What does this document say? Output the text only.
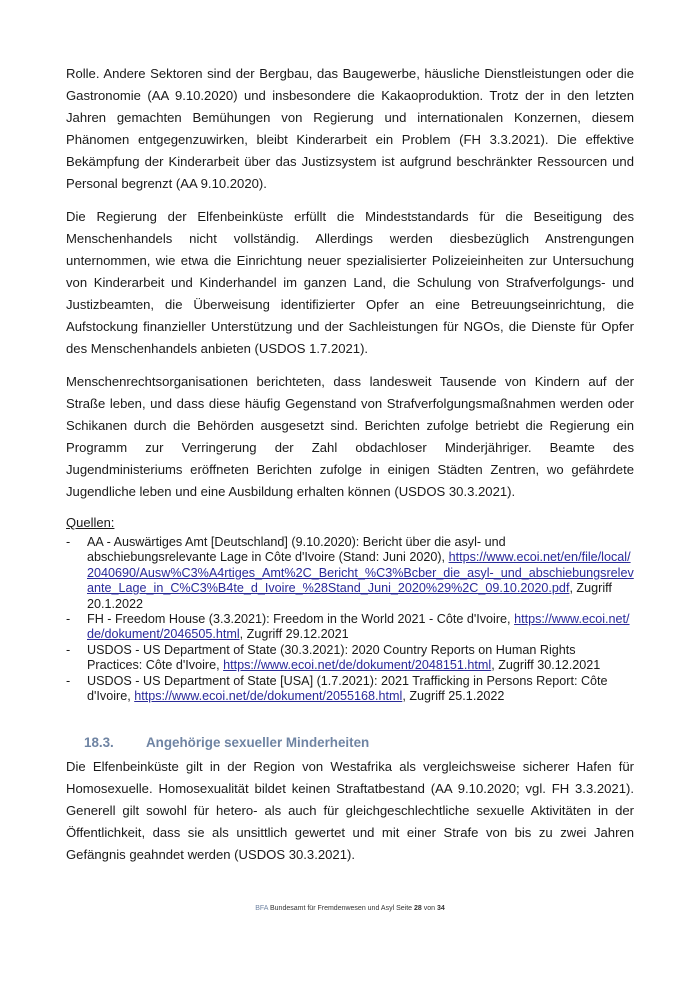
Rolle. Andere Sektoren sind der Bergbau, das Baugewerbe, häusliche Dienstleistungen oder die Gastronomie (AA 9.10.2020) und insbesondere die Kakaoproduktion. Trotz der in den letzten Jahren gemachten Bemühungen von Regierung und internationalen Konzernen, diesem Phänomen entgegenzuwirken, bleibt Kinderarbeit ein Problem (FH 3.3.2021). Die effektive Bekämpfung der Kinderarbeit über das Justizsystem ist aufgrund beschränkter Ressourcen und Personal begrenzt (AA 9.10.2020).

Die Regierung der Elfenbeinküste erfüllt die Mindeststandards für die Beseitigung des Menschenhandels nicht vollständig. Allerdings werden diesbezüglich Anstrengungen unternommen, wie etwa die Einrichtung neuer spezialisierter Polizeieinheiten zur Untersuchung von Kinderarbeit und Kinderhandel im ganzen Land, die Schulung von Strafverfolgungs- und Justizbeamten, die Überweisung identifizierter Opfer an eine Betreuungseinrichtung, die Aufstockung finanzieller Unterstützung und der Sachleistungen für NGOs, die Dienste für Opfer des Menschenhandels anbieten (USDOS 1.7.2021).

Menschenrechtsorganisationen berichteten, dass landesweit Tausende von Kindern auf der Straße leben, und dass diese häufig Gegenstand von Strafverfolgungsmaßnahmen werden oder Schikanen durch die Behörden ausgesetzt sind. Berichten zufolge betriebt die Regierung ein Programm zur Verringerung der Zahl obdachloser Minderjähriger. Beamte des Jugendministeriums eröffneten Berichten zufolge in einigen Städten Zentren, wo gefährdete Jugendliche leben und eine Ausbildung erhalten können (USDOS 30.3.2021).

Quellen:
-	AA - Auswärtiges Amt [Deutschland] (9.10.2020): Bericht über die asyl- und abschiebungsrelevante Lage in Côte d'Ivoire (Stand: Juni 2020), https://www.ecoi.net/en/file/local/2040690/Ausw%C3%A4rtiges_Amt%2C_Bericht_%C3%Bcber_die_asyl-_und_abschiebungsrelevante_Lage_in_C%C3%B4te_d_Ivoire_%28Stand_Juni_2020%29%2C_09.10.2020.pdf, Zugriff 20.1.2022
-	FH - Freedom House (3.3.2021): Freedom in the World 2021 - Côte d'Ivoire, https://www.ecoi.net/de/dokument/2046505.html, Zugriff 29.12.2021
-	USDOS - US Department of State (30.3.2021): 2020 Country Reports on Human Rights Practices: Côte d'Ivoire, https://www.ecoi.net/de/dokument/2048151.html, Zugriff 30.12.2021
-	USDOS - US Department of State [USA] (1.7.2021): 2021 Trafficking in Persons Report: Côte d'Ivoire, https://www.ecoi.net/de/dokument/2055168.html, Zugriff 25.1.2022
18.3. Angehörige sexueller Minderheiten

Die Elfenbeinküste gilt in der Region von Westafrika als vergleichsweise sicherer Hafen für Homosexuelle. Homosexualität bildet keinen Straftatbestand (AA 9.10.2020; vgl. FH 3.3.2021). Generell gilt sowohl für hetero- als auch für gleichgeschlechtliche sexuelle Aktivitäten in der Öffentlichkeit, dass sie als unsittlich gewertet und mit einer Strafe von bis zu zwei Jahren Gefängnis geahndet werden (USDOS 30.3.2021).

BFA Bundesamt für Fremdenwesen und Asyl Seite 28 von 34
